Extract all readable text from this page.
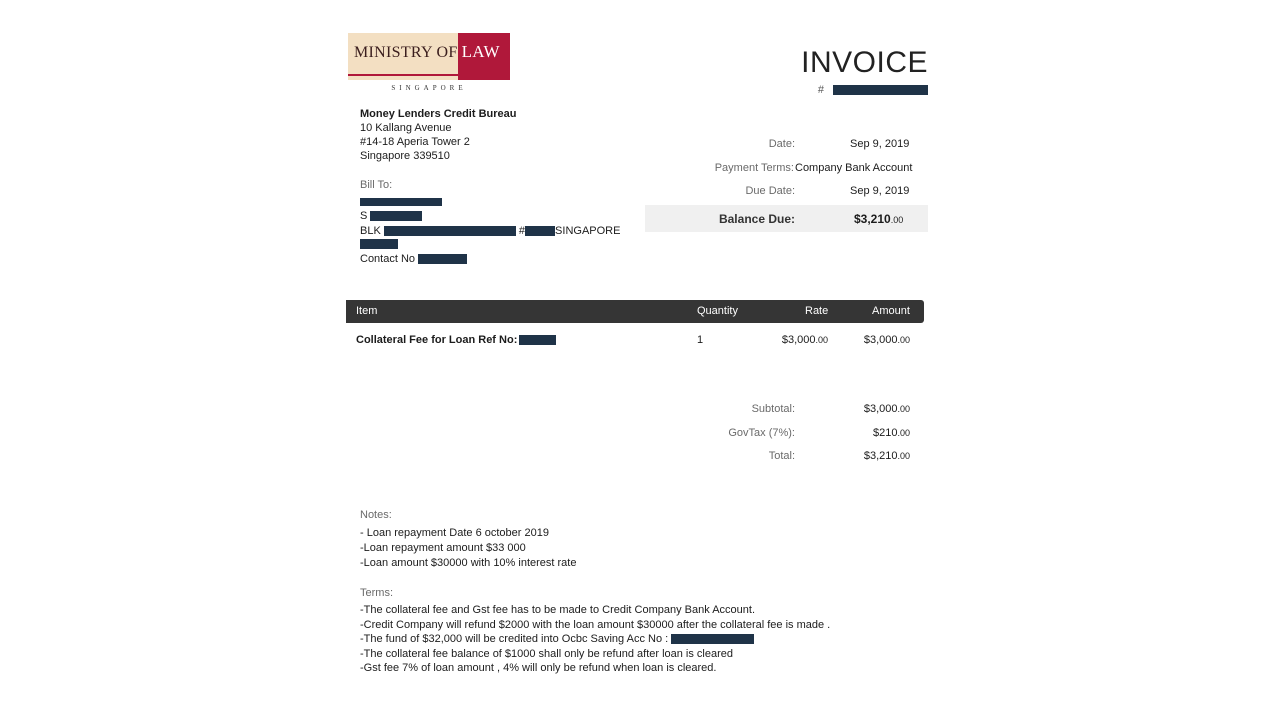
MINISTRY OF LAW
SINGAPORE
INVOICE
#
Money Lenders Credit Bureau
10 Kallang Avenue
#14-18 Aperia Tower 2
Singapore 339510
Bill To:
S
BLK	#	SINGAPORE
Contact No
Date:	Sep 9, 2019
Payment Terms: Company Bank Account
Due Date:	Sep 9, 2019
Balance Due:	$3,210.00
Item	Quantity	Rate	Amount
Collateral Fee for Loan Ref No:	1	$3,000.00	$3,000.00
Subtotal:	$3,000.00
GovTax (7%):	$210.00
Total:	$3,210.00
Notes:
- Loan repayment Date 6 october 2019
-Loan repayment amount $33 000
-Loan amount $30000 with 10% interest rate
Terms:
-The collateral fee and Gst fee has to be made to Credit Company Bank Account.
-Credit Company will refund $2000 with the loan amount $30000 after the collateral fee is made .
-The fund of $32,000 will be credited into Ocbc Saving Acc No :
-The collateral fee balance of $1000 shall only be refund after loan is cleared
-Gst fee 7% of loan amount , 4% will only be refund when loan is cleared.
